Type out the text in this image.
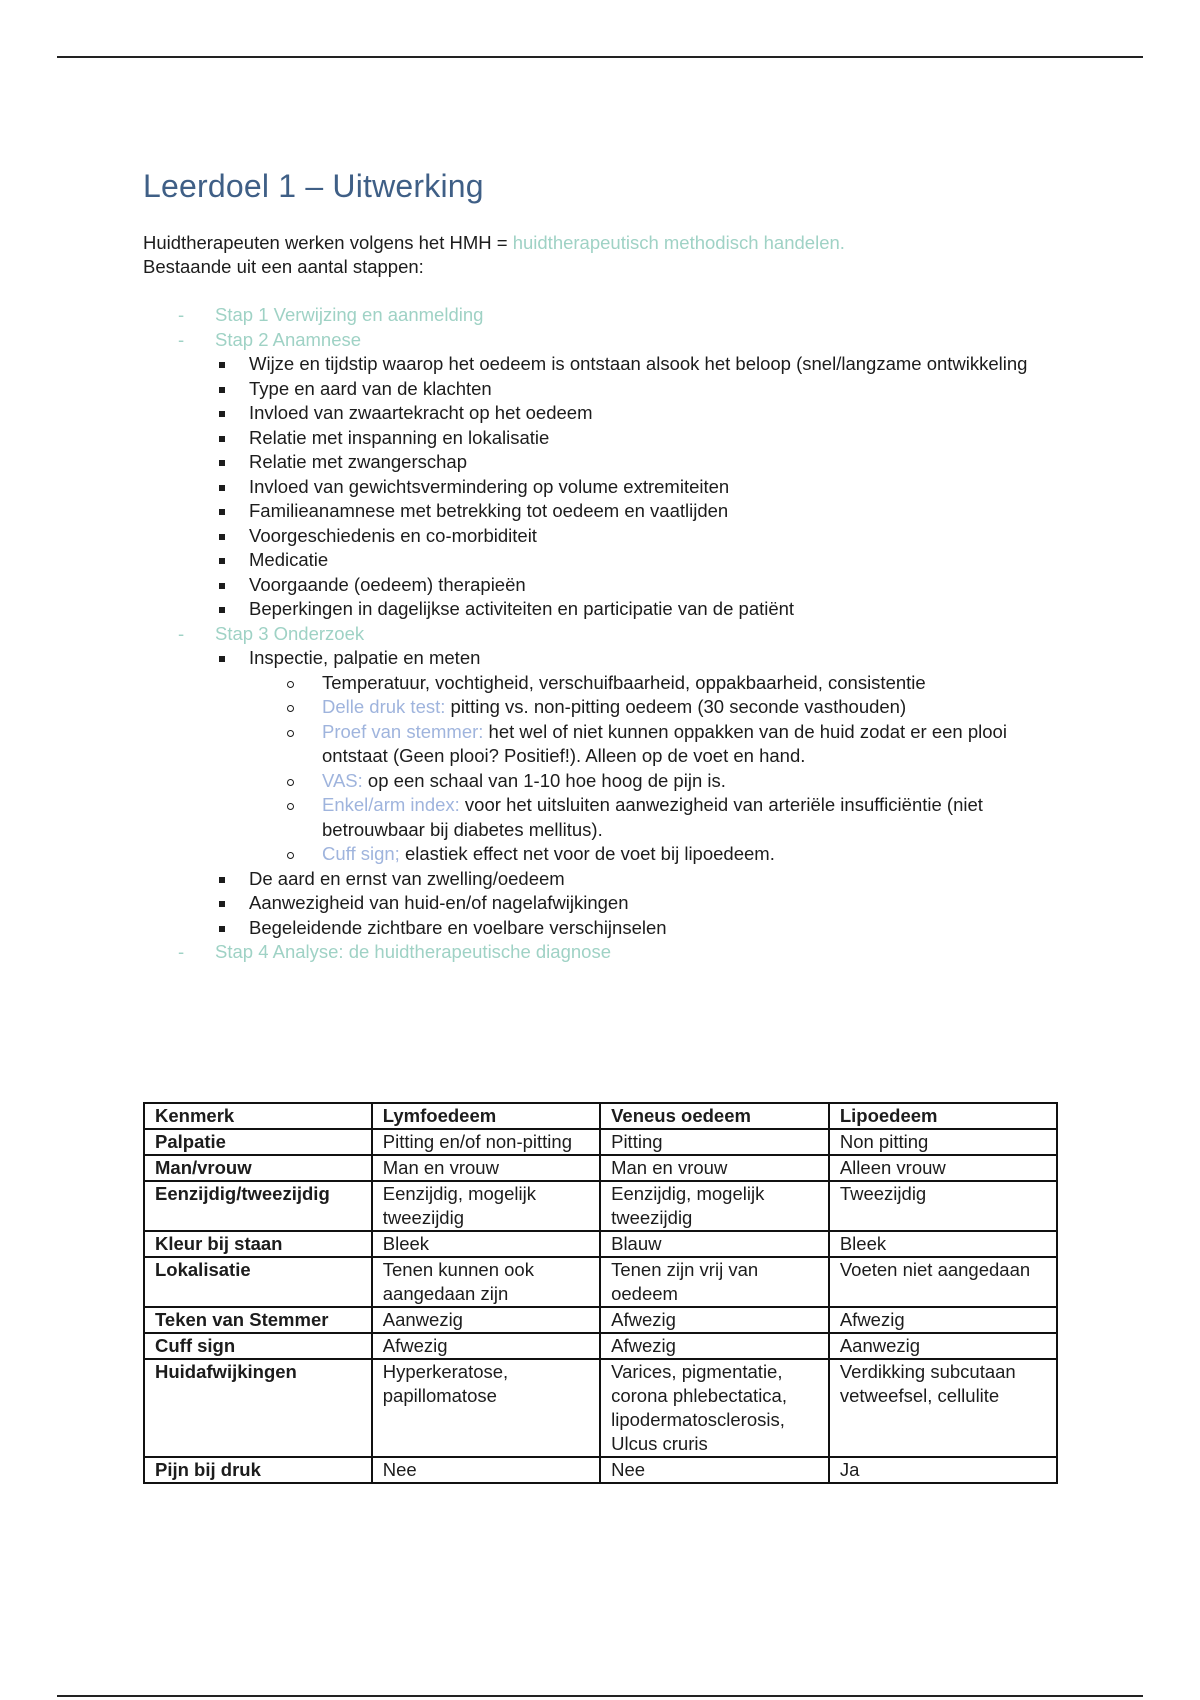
Leerdoel 1 – Uitwerking
Huidtherapeuten werken volgens het HMH = huidtherapeutisch methodisch handelen.
Bestaande uit een aantal stappen:
- Stap 1 Verwijzing en aanmelding
- Stap 2 Anamnese
Wijze en tijdstip waarop het oedeem is ontstaan alsook het beloop (snel/langzame ontwikkeling
Type en aard van de klachten
Invloed van zwaartekracht op het oedeem
Relatie met inspanning en lokalisatie
Relatie met zwangerschap
Invloed van gewichtsvermindering op volume extremiteiten
Familieanamnese met betrekking tot oedeem en vaatlijden
Voorgeschiedenis en co-morbiditeit
Medicatie
Voorgaande (oedeem) therapieën
Beperkingen in dagelijkse activiteiten en participatie van de patiënt
- Stap 3 Onderzoek
Inspectie, palpatie en meten
Temperatuur, vochtigheid, verschuifbaarheid, oppakbaarheid, consistentie
Delle druk test: pitting vs. non-pitting oedeem (30 seconde vasthouden)
Proef van stemmer: het wel of niet kunnen oppakken van de huid zodat er een plooi ontstaat (Geen plooi? Positief!). Alleen op de voet en hand.
VAS: op een schaal van 1-10 hoe hoog de pijn is.
Enkel/arm index: voor het uitsluiten aanwezigheid van arteriële insufficiëntie (niet betrouwbaar bij diabetes mellitus).
Cuff sign; elastiek effect net voor de voet bij lipoedeem.
De aard en ernst van zwelling/oedeem
Aanwezigheid van huid-en/of nagelafwijkingen
Begeleidende zichtbare en voelbare verschijnselen
- Stap 4 Analyse: de huidtherapeutische diagnose
Kenmerk	Lymfoedeem	Veneus oedeem	Lipoedeem
Palpatie	Pitting en/of non-pitting	Pitting	Non pitting
Man/vrouw	Man en vrouw	Man en vrouw	Alleen vrouw
Eenzijdig/tweezijdig	Eenzijdig, mogelijk tweezijdig	Eenzijdig, mogelijk tweezijdig	Tweezijdig
Kleur bij staan	Bleek	Blauw	Bleek
Lokalisatie	Tenen kunnen ook aangedaan zijn	Tenen zijn vrij van oedeem	Voeten niet aangedaan
Teken van Stemmer	Aanwezig	Afwezig	Afwezig
Cuff sign	Afwezig	Afwezig	Aanwezig
Huidafwijkingen	Hyperkeratose, papillomatose	Varices, pigmentatie, corona phlebectatica, lipodermatosclerosis, Ulcus cruris	Verdikking subcutaan vetweefsel, cellulite
Pijn bij druk	Nee	Nee	Ja
